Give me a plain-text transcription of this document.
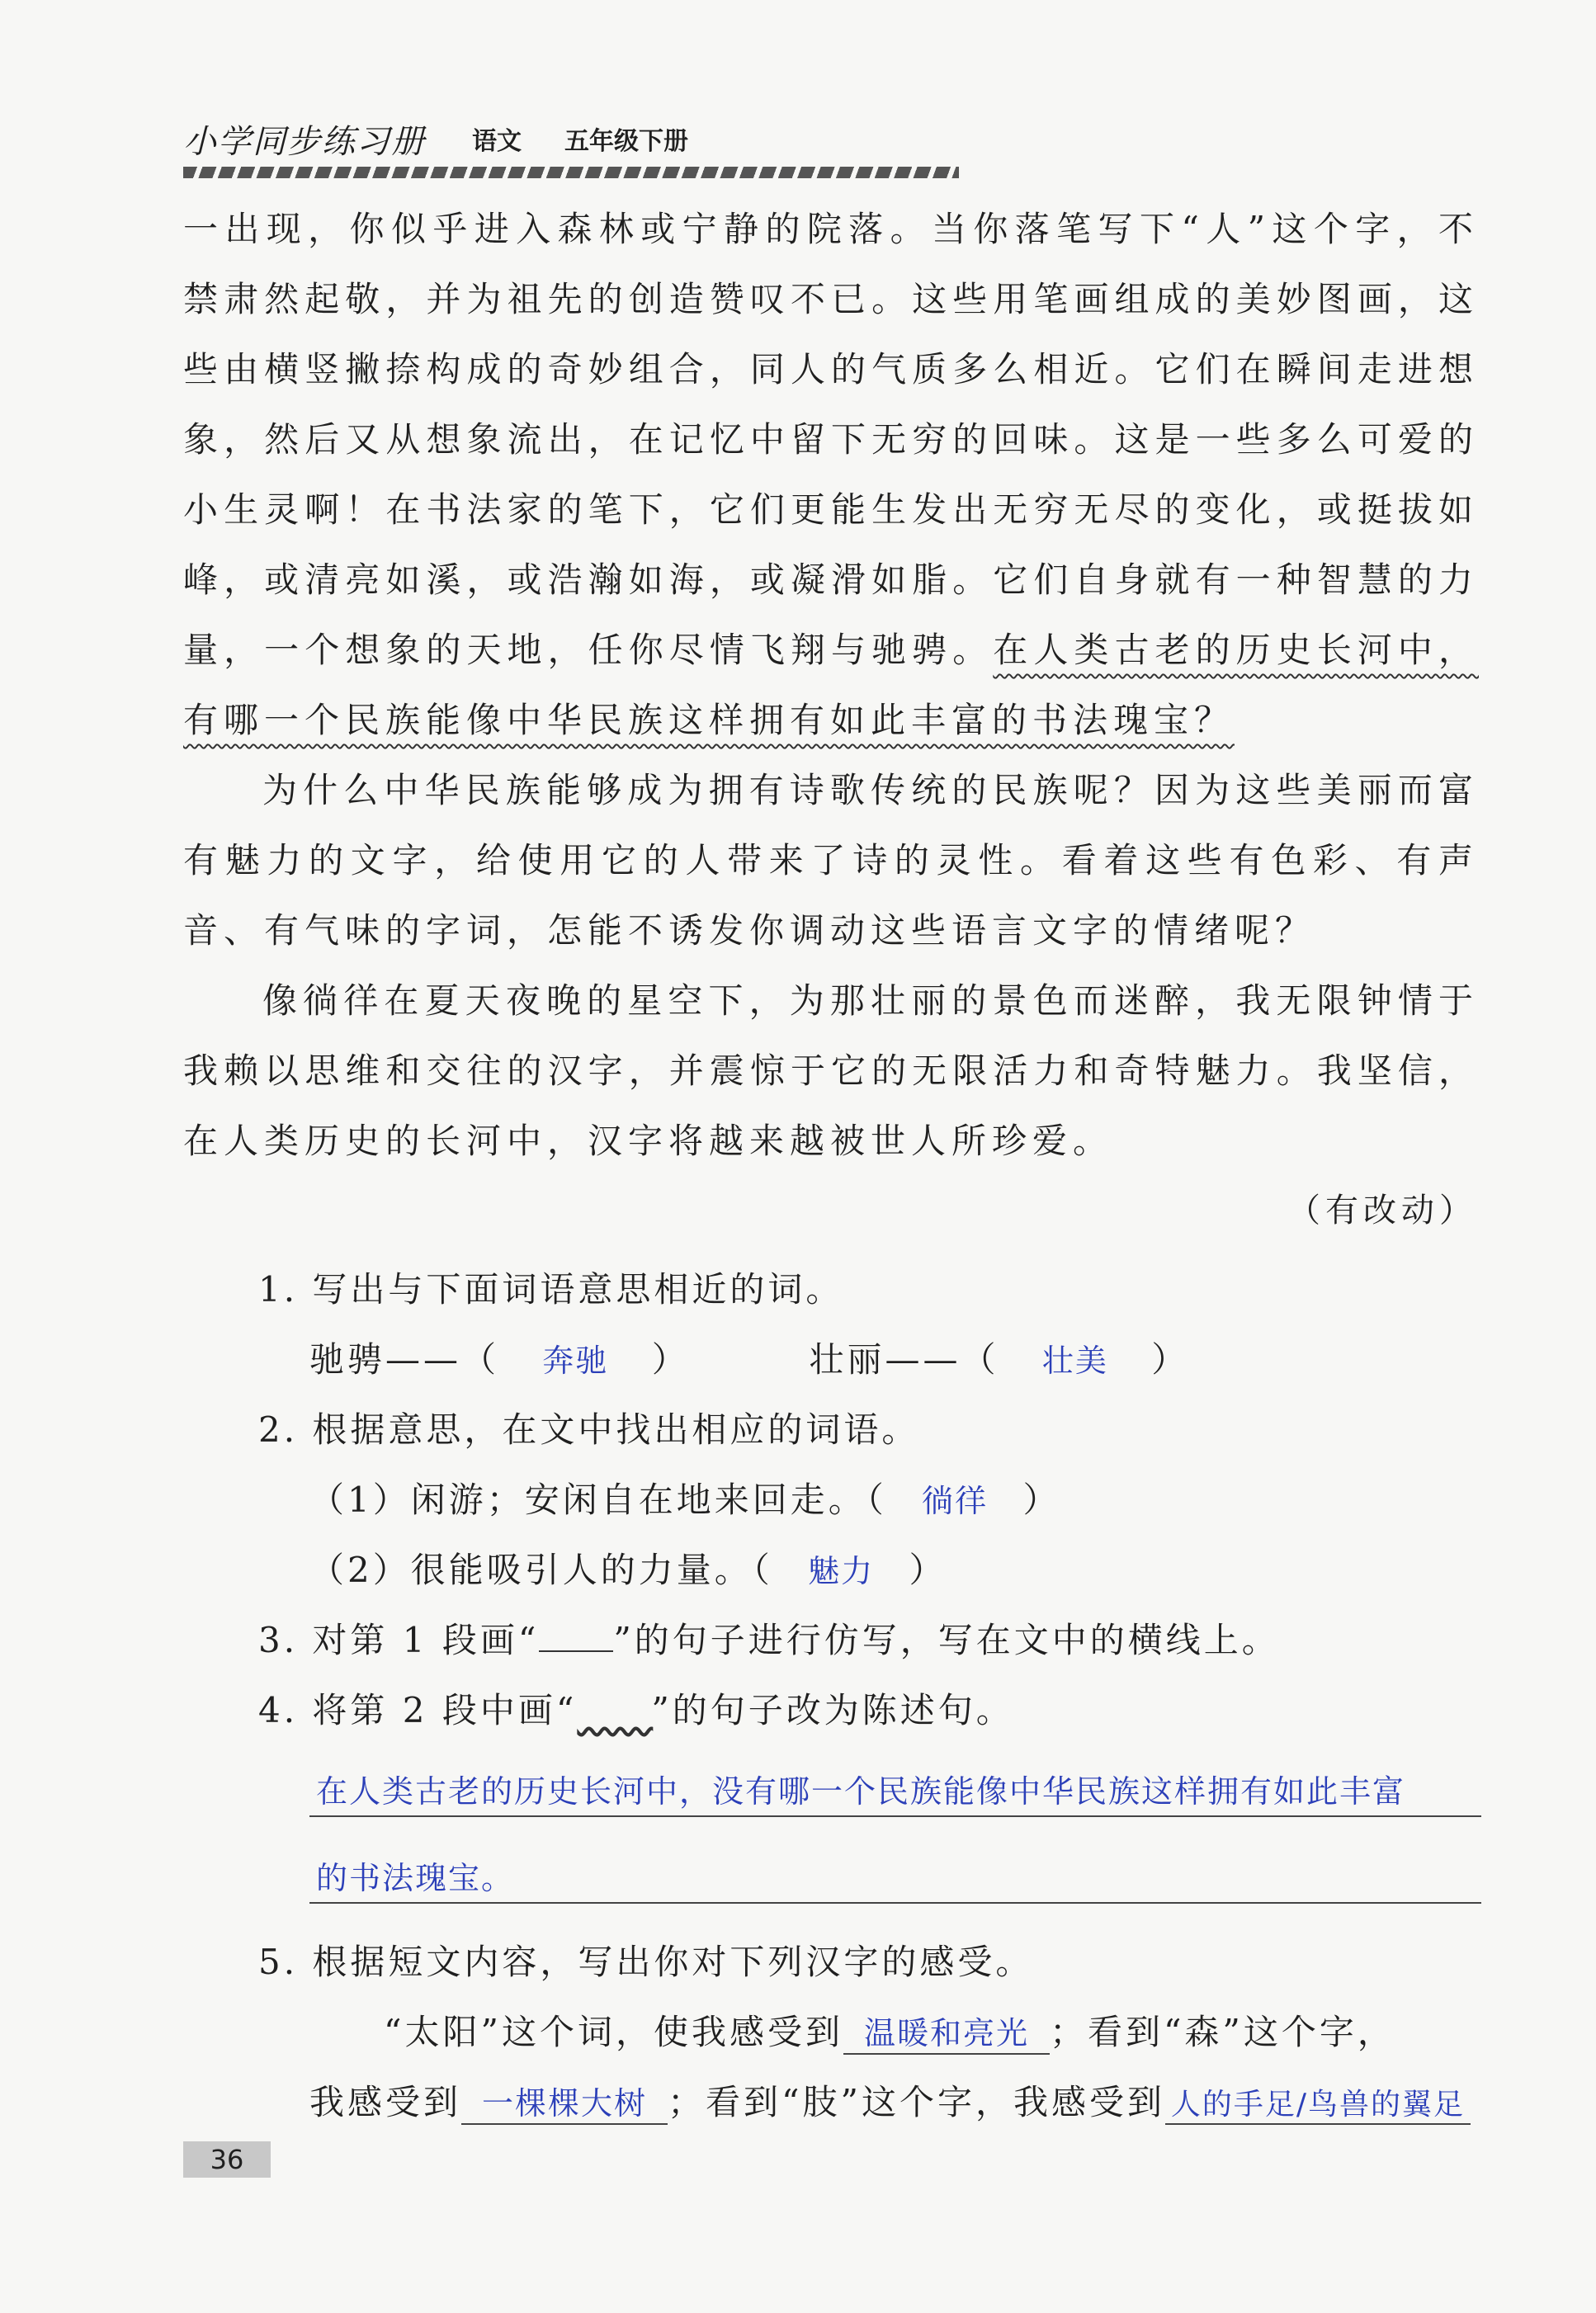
小学同步练习册 语文 五年级下册

一出现，你似乎进入森林或宁静的院落。当你落笔写下“人”这个字，不禁肃然起敬，并为祖先的创造赞叹不已。这些用笔画组成的美妙图画，这些由横竖撇捺构成的奇妙组合，同人的气质多么相近。它们在瞬间走进想象，然后又从想象流出，在记忆中留下无穷的回味。这是一些多么可爱的小生灵啊！在书法家的笔下，它们更能生发出无穷无尽的变化，或挺拔如峰，或清亮如溪，或浩瀚如海，或凝滑如脂。它们自身就有一种智慧的力量，一个想象的天地，任你尽情飞翔与驰骋。在人类古老的历史长河中，有哪一个民族能像中华民族这样拥有如此丰富的书法瑰宝？

为什么中华民族能够成为拥有诗歌传统的民族呢？因为这些美丽而富有魅力的文字，给使用它的人带来了诗的灵性。看着这些有色彩、有声音、有气味的字词，怎能不诱发你调动这些语言文字的情绪呢？

像徜徉在夏天夜晚的星空下，为那壮丽的景色而迷醉，我无限钟情于我赖以思维和交往的汉字，并震惊于它的无限活力和奇特魅力。我坚信，在人类历史的长河中，汉字将越来越被世人所珍爱。

（有改动）
1. 写出与下面词语意思相近的词。
驰骋——（ 奔驰 ）	壮丽——（ 壮美 ）
2. 根据意思，在文中找出相应的词语。
（1）闲游；安闲自在地来回走。（ 徜徉 ）
（2）很能吸引人的力量。（ 魅力 ）
3. 对第 1 段画“ ”的句子进行仿写，写在文中的横线上。
4. 将第 2 段中画“   ”的句子改为陈述句。
在人类古老的历史长河中，没有哪一个民族能像中华民族这样拥有如此丰富
的书法瑰宝。
5. 根据短文内容，写出你对下列汉字的感受。
“太阳”这个词，使我感受到 温暖和亮光 ；看到“森”这个字，
我感受到 一棵棵大树 ；看到“肢”这个字，我感受到 人的手足/鸟兽的翼足
36
